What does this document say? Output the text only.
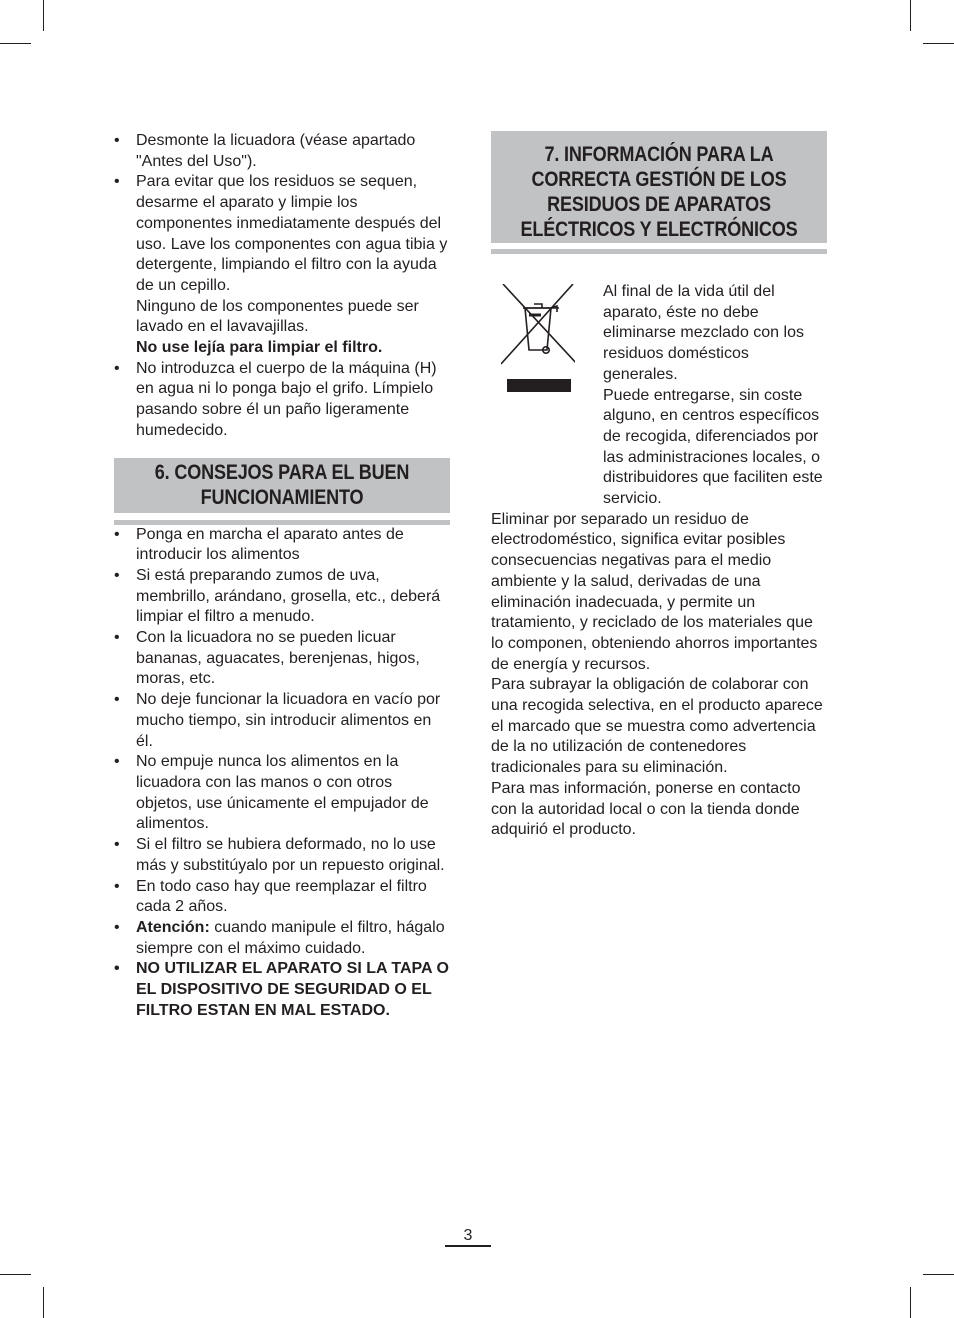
• Desmonte la licuadora (véase apartado "Antes del Uso").
• Para evitar que los residuos se sequen, desarme el aparato y limpie los componentes inmediatamente después del uso. Lave los componentes con agua tibia y detergente, limpiando el filtro con la ayuda de un cepillo.
Ninguno de los componentes puede ser lavado en el lavavajillas.
No use lejía para limpiar el filtro.
• No introduzca el cuerpo de la máquina (H) en agua ni lo ponga bajo el grifo. Límpielo pasando sobre él un paño ligeramente humedecido.
6. CONSEJOS PARA EL BUEN
FUNCIONAMIENTO
• Ponga en marcha el aparato antes de introducir los alimentos
• Si está preparando zumos de uva, membrillo, arándano, grosella, etc., deberá limpiar el filtro a menudo.
• Con la licuadora no se pueden licuar bananas, aguacates, berenjenas, higos, moras, etc.
• No deje funcionar la licuadora en vacío por mucho tiempo, sin introducir alimentos en él.
• No empuje nunca los alimentos en la licuadora con las manos o con otros objetos, use únicamente el empujador de alimentos.
• Si el filtro se hubiera deformado, no lo use más y substitúyalo por un repuesto original.
• En todo caso hay que reemplazar el filtro cada 2 años.
• Atención: cuando manipule el filtro, hágalo siempre con el máximo cuidado.
• NO UTILIZAR EL APARATO SI LA TAPA O EL DISPOSITIVO DE SEGURIDAD O EL FILTRO ESTAN EN MAL ESTADO.
7. INFORMACIÓN PARA LA
CORRECTA GESTIÓN DE LOS
RESIDUOS DE APARATOS
ELÉCTRICOS Y ELECTRÓNICOS
Al final de la vida útil del aparato, éste no debe eliminarse mezclado con los residuos domésticos generales.
Puede entregarse, sin coste alguno, en centros específicos de recogida, diferenciados por las administraciones locales, o distribuidores que faciliten este servicio.
Eliminar por separado un residuo de electrodoméstico, significa evitar posibles consecuencias negativas para el medio ambiente y la salud, derivadas de una eliminación inadecuada, y permite un tratamiento, y reciclado de los materiales que lo componen, obteniendo ahorros importantes de energía y recursos.
Para subrayar la obligación de colaborar con una recogida selectiva, en el producto aparece el marcado que se muestra como advertencia de la no utilización de contenedores tradicionales para su eliminación.
Para mas información, ponerse en contacto con la autoridad local o con la tienda donde adquirió el producto.
3
